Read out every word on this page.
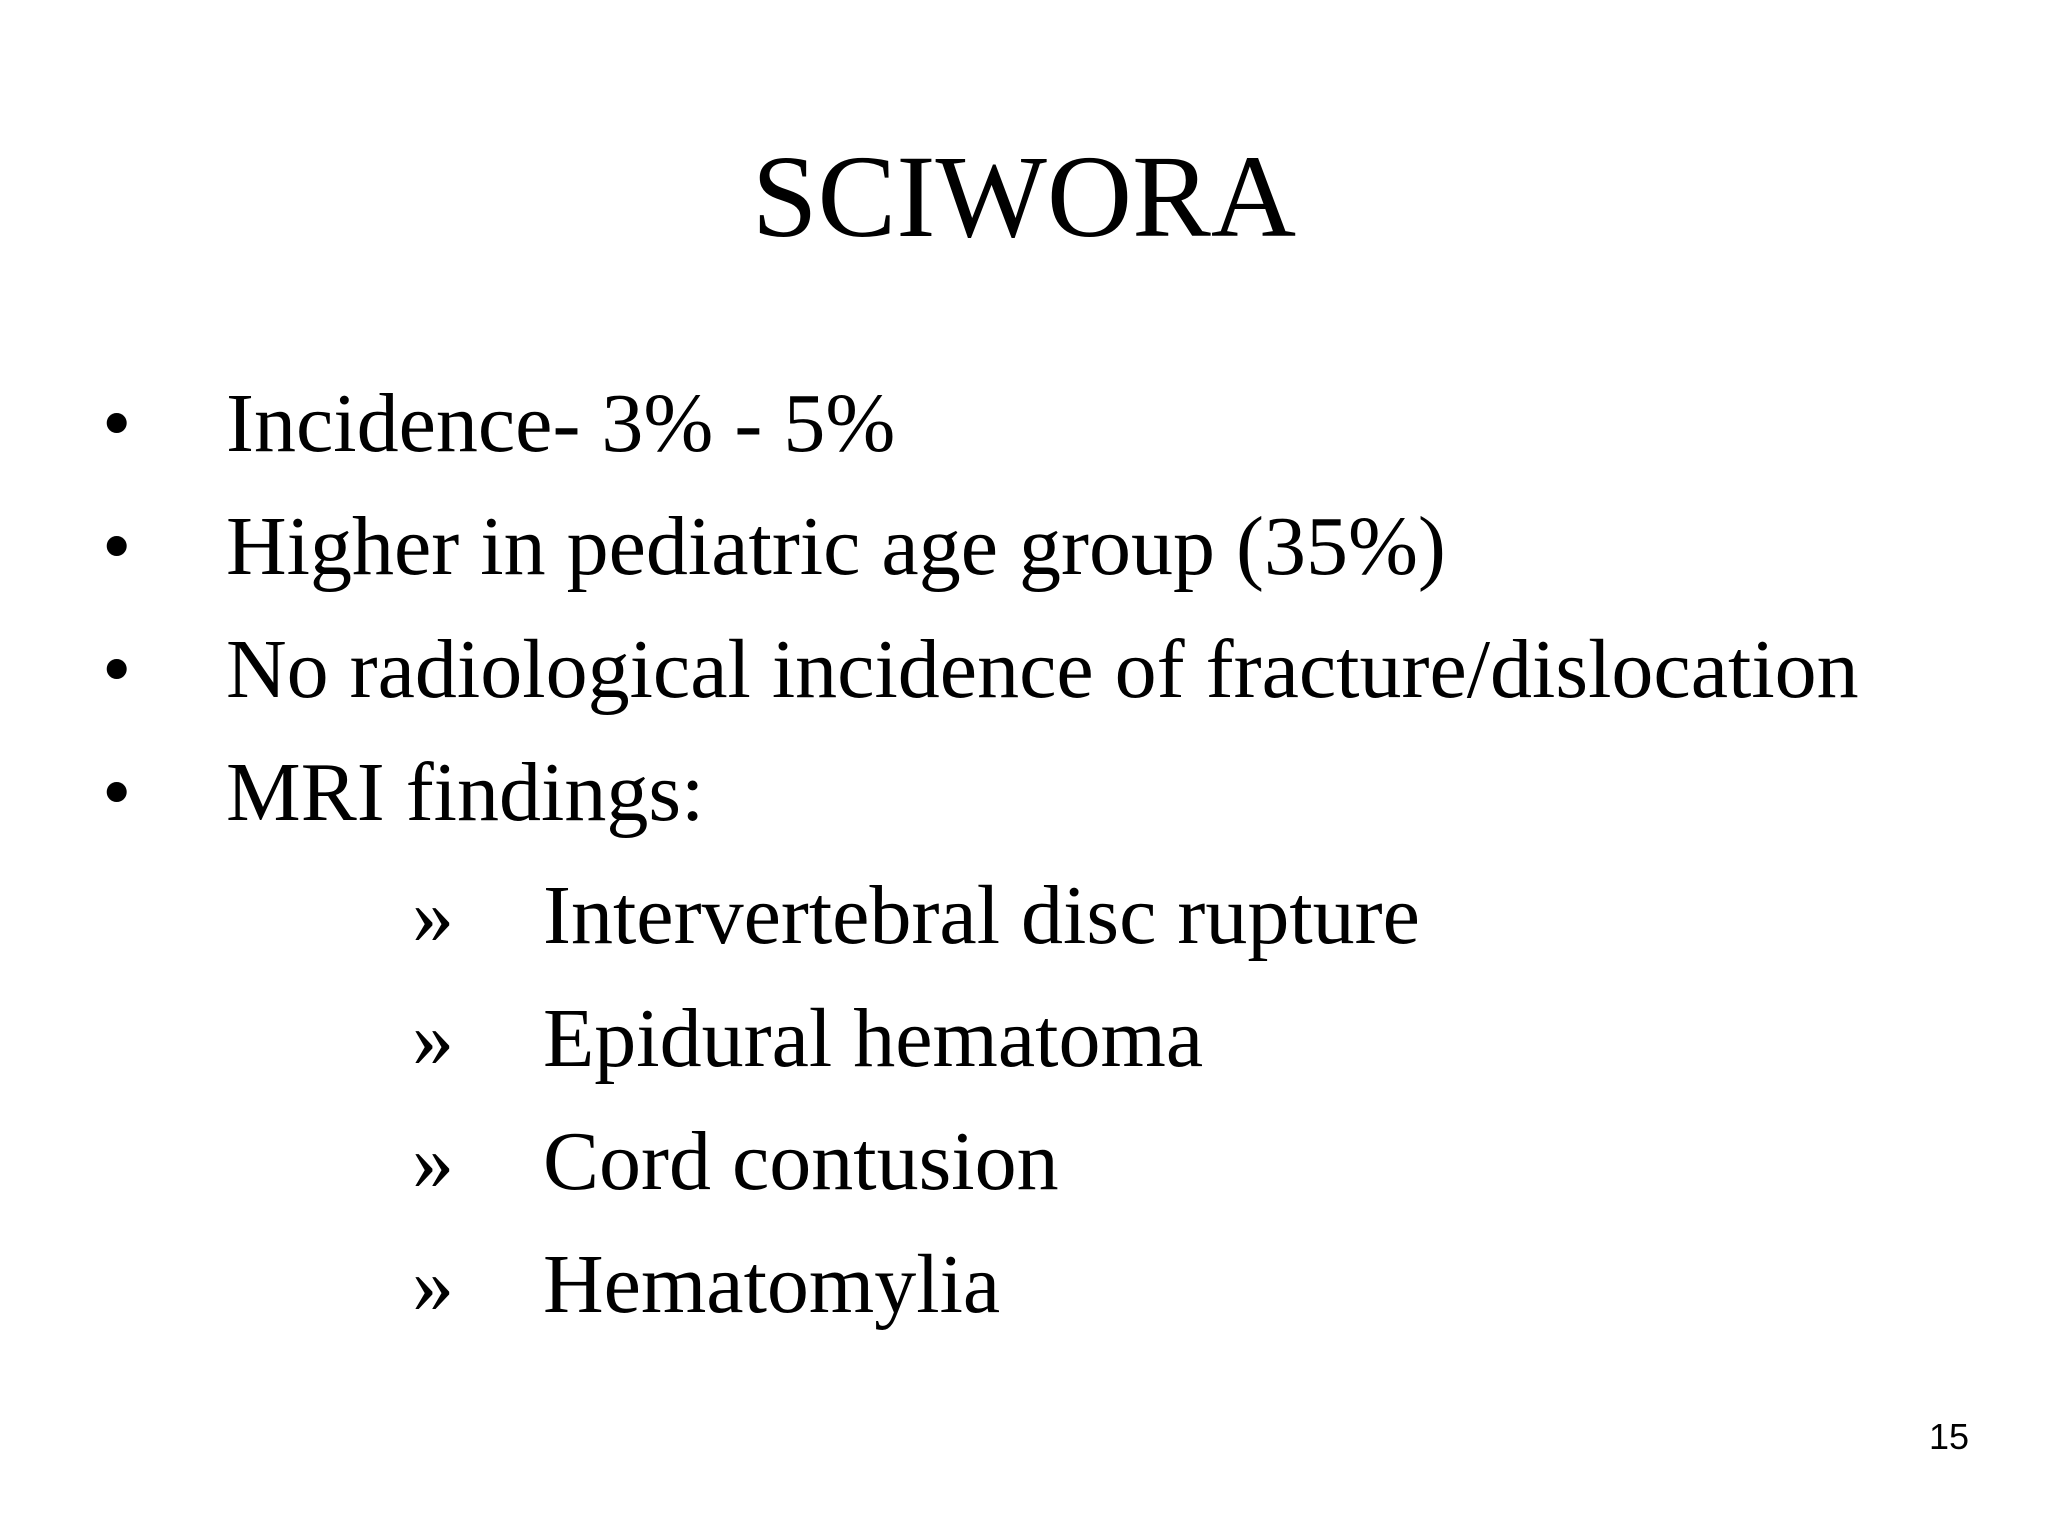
SCIWORA
• Incidence- 3% - 5%
• Higher in pediatric age group (35%)
• No radiological incidence of fracture/dislocation
• MRI findings:
» Intervertebral disc rupture
» Epidural hematoma
» Cord contusion
» Hematomylia
15
